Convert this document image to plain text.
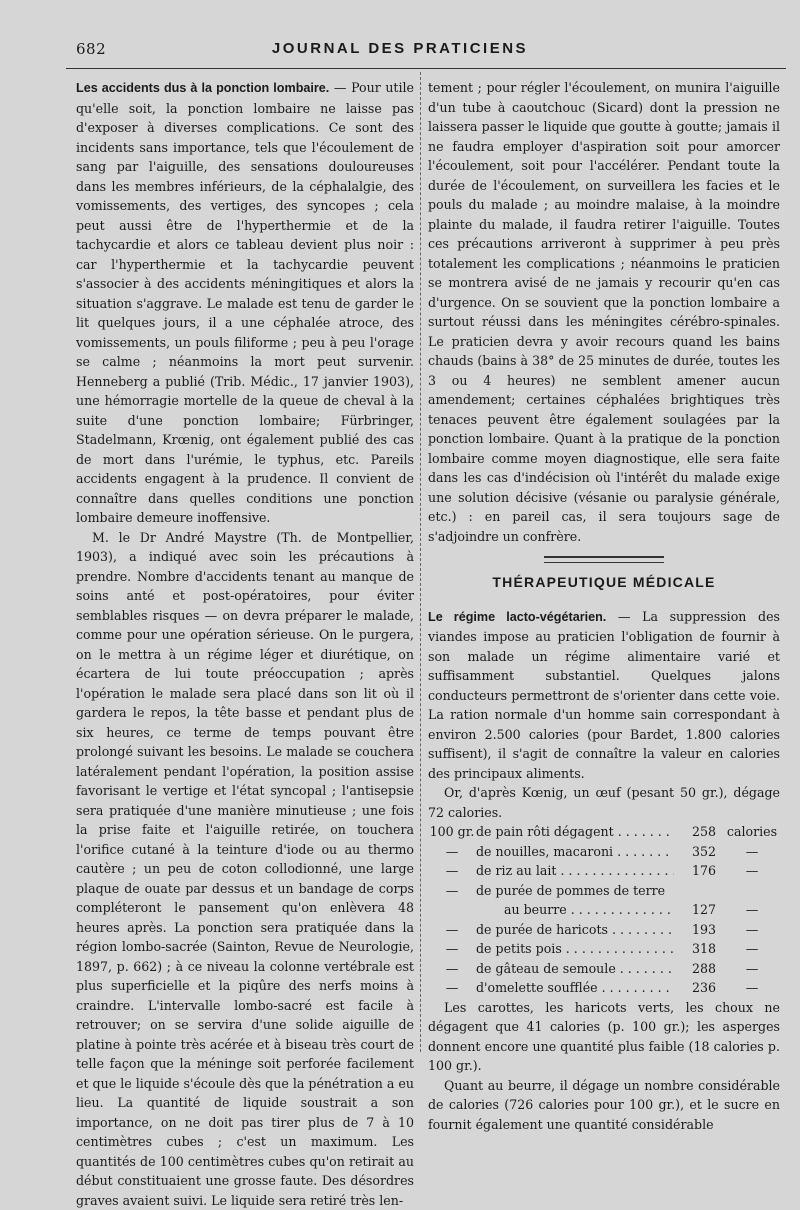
682	JOURNAL DES PRATICIENS

Les accidents dus à la ponction lombaire. — Pour utile qu'elle soit, la ponction lombaire ne laisse pas d'exposer à diverses complications. Ce sont des incidents sans importance, tels que l'écoulement de sang par l'aiguille, des sensations douloureuses dans les membres inférieurs, de la céphalalgie, des vomissements, des vertiges, des syncopes ; cela peut aussi être de l'hyperthermie et de la tachycardie et alors ce tableau devient plus noir : car l'hyperthermie et la tachycardie peuvent s'associer à des accidents méningitiques et alors la situation s'aggrave. Le malade est tenu de garder le lit quelques jours, il a une céphalée atroce, des vomissements, un pouls filiforme ; peu à peu l'orage se calme ; néanmoins la mort peut survenir. Henneberg a publié (Trib. Médic., 17 janvier 1903), une hémorragie mortelle de la queue de cheval à la suite d'une ponction lombaire; Fürbringer, Stadelmann, Krœnig, ont également publié des cas de mort dans l'urémie, le typhus, etc. Pareils accidents engagent à la prudence. Il convient de connaître dans quelles conditions une ponction lombaire demeure inoffensive.

M. le Dr André Maystre (Th. de Montpellier, 1903), a indiqué avec soin les précautions à prendre. Nombre d'accidents tenant au manque de soins anté et post-opératoires, pour éviter semblables risques — on devra préparer le malade, comme pour une opération sérieuse. On le purgera, on le mettra à un régime léger et diurétique, on écartera de lui toute préoccupation ; après l'opération le malade sera placé dans son lit où il gardera le repos, la tête basse et pendant plus de six heures, ce terme de temps pouvant être prolongé suivant les besoins. Le malade se couchera latéralement pendant l'opération, la position assise favorisant le vertige et l'état syncopal ; l'antisepsie sera pratiquée d'une manière minutieuse ; une fois la prise faite et l'aiguille retirée, on touchera l'orifice cutané à la teinture d'iode ou au thermo cautère ; un peu de coton collodionné, une large plaque de ouate par dessus et un bandage de corps compléteront le pansement qu'on enlèvera 48 heures après. La ponction sera pratiquée dans la région lombo-sacrée (Sainton, Revue de Neurologie, 1897, p. 662) ; à ce niveau la colonne vertébrale est plus superficielle et la piqûre des nerfs moins à craindre. L'intervalle lombo-sacré est facile à retrouver; on se servira d'une solide aiguille de platine à pointe très acérée et à biseau très court de telle façon que la méninge soit perforée facilement et que le liquide s'écoule dès que la pénétration a eu lieu. La quantité de liquide soustrait a son importance, on ne doit pas tirer plus de 7 à 10 centimètres cubes ; c'est un maximum. Les quantités de 100 centimètres cubes qu'on retirait au début constituaient une grosse faute. Des désordres graves avaient suivi. Le liquide sera retiré très len-

tement ; pour régler l'écoulement, on munira l'aiguille d'un tube à caoutchouc (Sicard) dont la pression ne laissera passer le liquide que goutte à goutte; jamais il ne faudra employer d'aspiration soit pour amorcer l'écoulement, soit pour l'accélérer. Pendant toute la durée de l'écoulement, on surveillera les facies et le pouls du malade ; au moindre malaise, à la moindre plainte du malade, il faudra retirer l'aiguille. Toutes ces précautions arriveront à supprimer à peu près totalement les complications ; néanmoins le praticien se montrera avisé de ne jamais y recourir qu'en cas d'urgence. On se souvient que la ponction lombaire a surtout réussi dans les méningites cérébro-spinales. Le praticien devra y avoir recours quand les bains chauds (bains à 38° de 25 minutes de durée, toutes les 3 ou 4 heures) ne semblent amener aucun amendement; certaines céphalées brightiques très tenaces peuvent être également soulagées par la ponction lombaire. Quant à la pratique de la ponction lombaire comme moyen diagnostique, elle sera faite dans les cas d'indécision où l'intérêt du malade exige une solution décisive (vésanie ou paralysie générale, etc.) : en pareil cas, il sera toujours sage de s'adjoindre un confrère.

THÉRAPEUTIQUE MÉDICALE

Le régime lacto-végétarien. — La suppression des viandes impose au praticien l'obligation de fournir à son malade un régime alimentaire varié et suffisamment substantiel. Quelques jalons conducteurs permettront de s'orienter dans cette voie. La ration normale d'un homme sain correspondant à environ 2.500 calories (pour Bardet, 1.800 calories suffisent), il s'agit de connaître la valeur en calories des principaux aliments.

Or, d'après Kœnig, un œuf (pesant 50 gr.), dégage 72 calories.

100 gr. de pain rôti dégagent . . .	258 calories
—	de nouilles, macaroni . . .	352	—
—	de riz au lait . . .	176	—
—	de purée de pommes de terre
au beurre . . .	127	—
—	de purée de haricots . . .	193	—
—	de petits pois . . .	318	—
—	de gâteau de semoule . . .	288	—
—	d'omelette soufflée . . .	236	—

Les carottes, les haricots verts, les choux ne dégagent que 41 calories (p. 100 gr.); les asperges donnent encore une quantité plus faible (18 calories p. 100 gr.).

Quant au beurre, il dégage un nombre considérable de calories (726 calories pour 100 gr.), et le sucre en fournit également une quantité considérable
